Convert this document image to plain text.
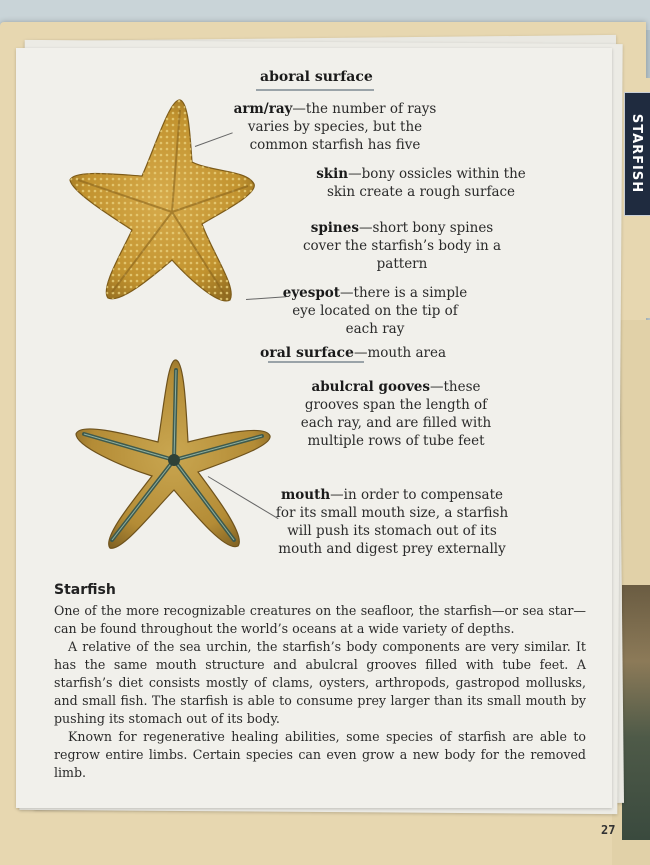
STARFISH
aboral surface
arm/ray—the number of rays varies by species, but the common starfish has five
skin—bony ossicles within the skin create a rough surface
spines—short bony spines cover the starfish’s body in a pattern
eyespot—there is a simple eye located on the tip of each ray
oral surface—mouth area
abulcral gooves—these grooves span the length of each ray, and are filled with multiple rows of tube feet
mouth—in order to compensate for its small mouth size, a starfish will push its stomach out of its mouth and digest prey externally
Starfish

One of the more recognizable creatures on the seafloor, the starfish—or sea star—can be found throughout the world’s oceans at a wide variety of depths.

A relative of the sea urchin, the starfish’s body components are very similar. It has the same mouth structure and abulcral grooves filled with tube feet. A starfish’s diet consists mostly of clams, oysters, arthropods, gastropod mollusks, and small fish. The starfish is able to consume prey larger than its small mouth by pushing its stomach out of its body.

Known for regenerative healing abilities, some species of starfish are able to regrow entire limbs. Certain species can even grow a new body for the removed limb.

27
